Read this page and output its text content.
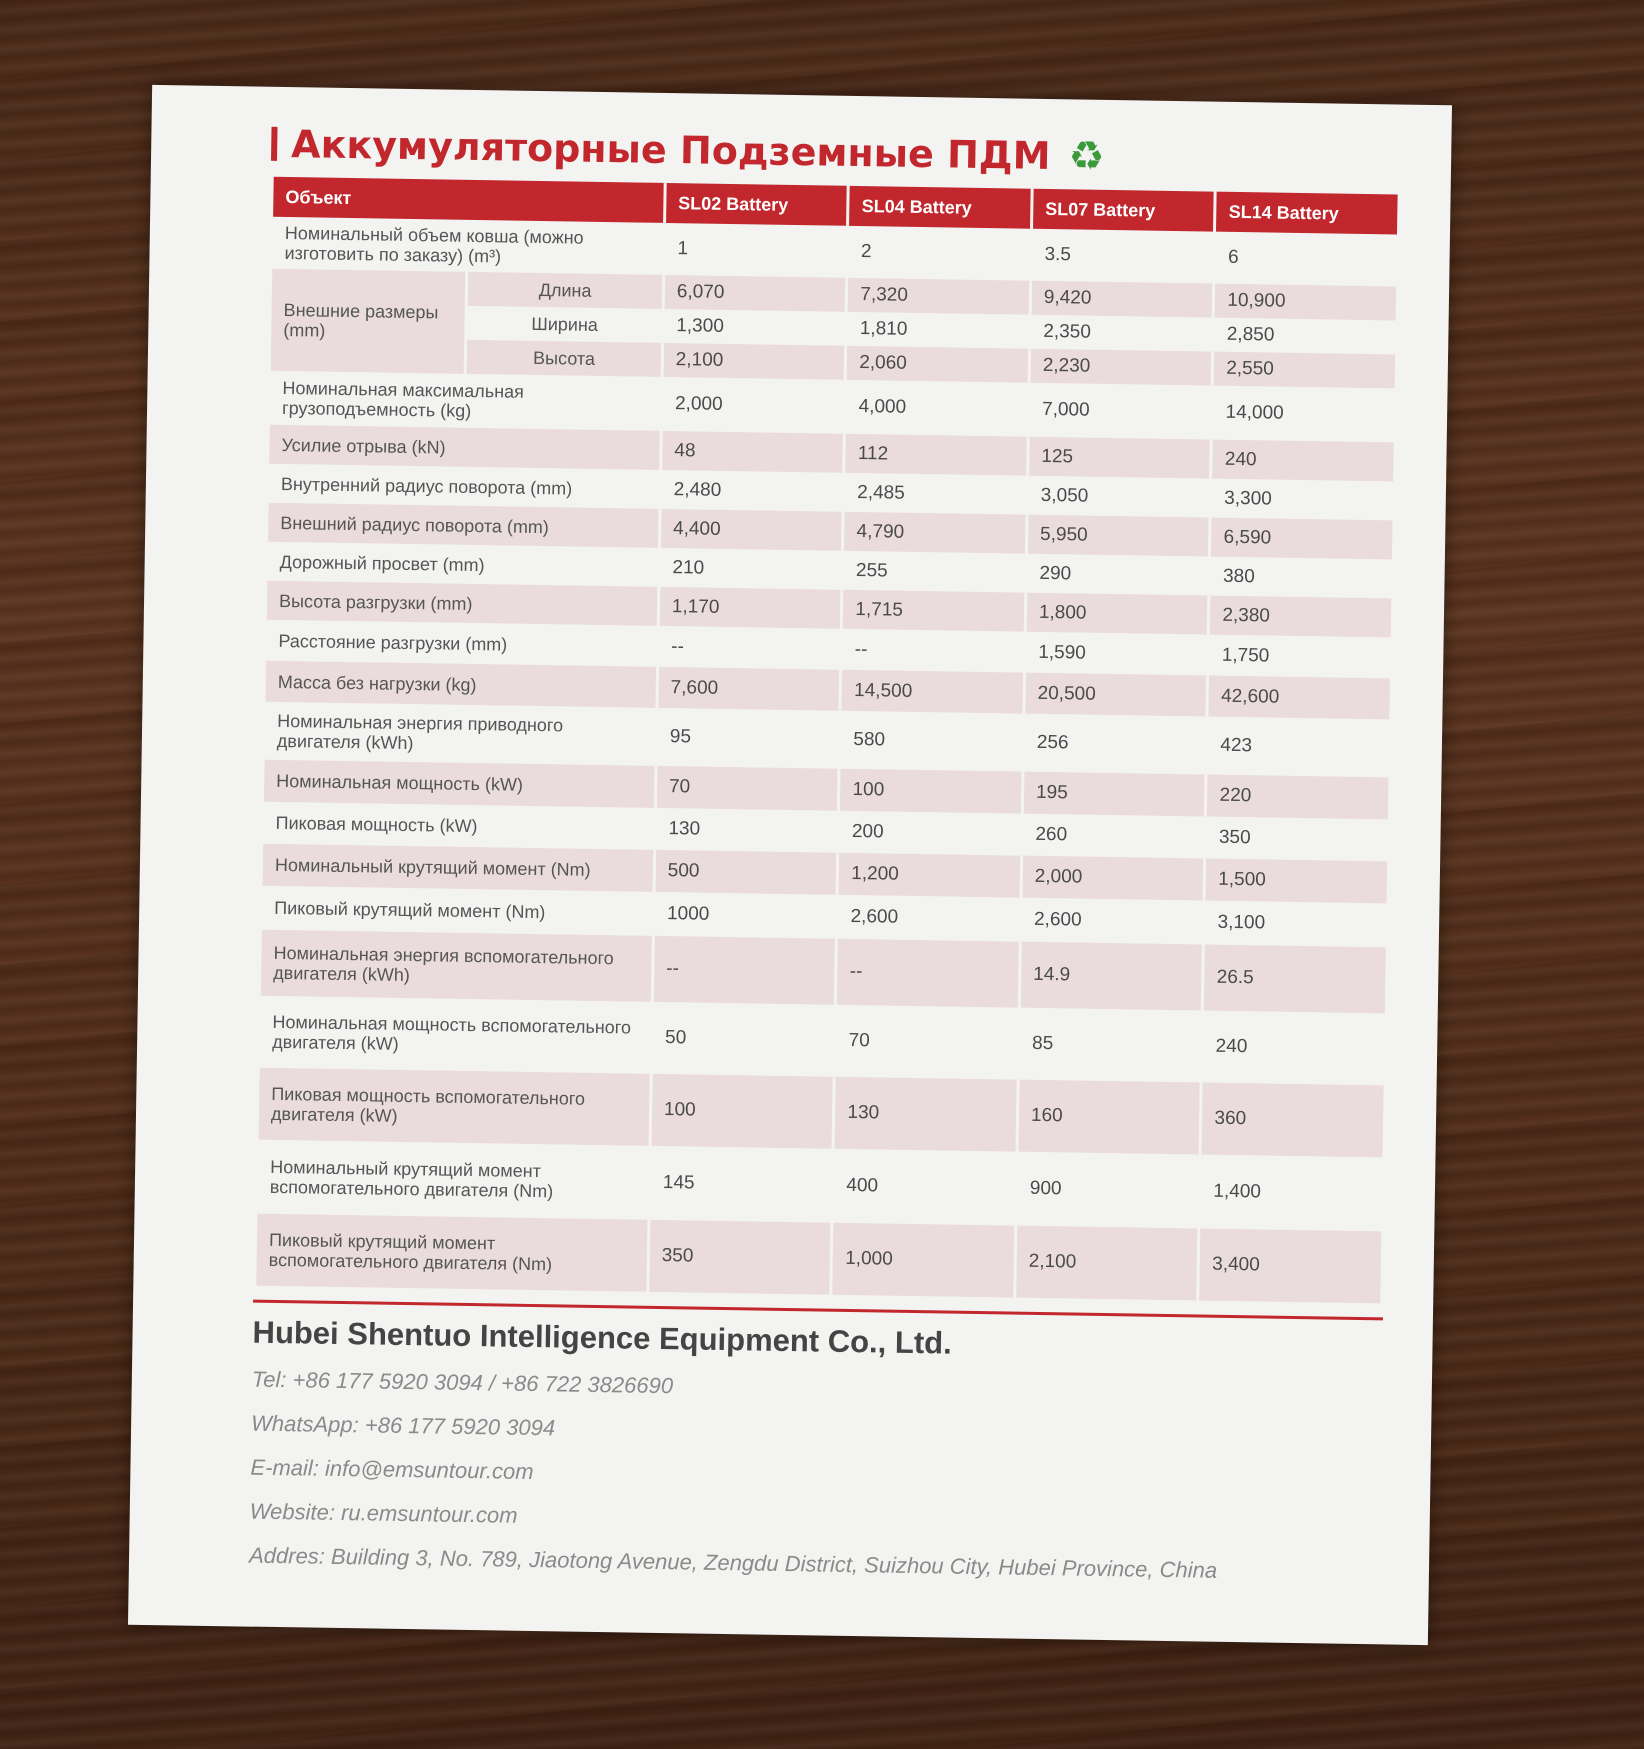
Аккумуляторные Подземные ПДМ ♻
Объект		SL02 Battery	SL04 Battery	SL07 Battery	SL14 Battery
Номинальный объем ковша (можно изготовить по заказу) (m³)		1	2	3.5	6
Внешние размеры (mm)	Длина	6,070	7,320	9,420	10,900
	Ширина	1,300	1,810	2,350	2,850
	Высота	2,100	2,060	2,230	2,550
Номинальная максимальная грузоподъемность (kg)		2,000	4,000	7,000	14,000
Усилие отрыва (kN)		48	112	125	240
Внутренний радиус поворота (mm)		2,480	2,485	3,050	3,300
Внешний радиус поворота (mm)		4,400	4,790	5,950	6,590
Дорожный просвет (mm)		210	255	290	380
Высота разгрузки (mm)		1,170	1,715	1,800	2,380
Расстояние разгрузки (mm)		--	--	1,590	1,750
Масса без нагрузки (kg)		7,600	14,500	20,500	42,600
Номинальная энергия приводного двигателя (kWh)		95	580	256	423
Номинальная мощность (kW)		70	100	195	220
Пиковая мощность (kW)		130	200	260	350
Номинальный крутящий момент (Nm)		500	1,200	2,000	1,500
Пиковый крутящий момент (Nm)		1000	2,600	2,600	3,100
Номинальная энергия вспомогательного двигателя (kWh)		--	--	14.9	26.5
Номинальная мощность вспомогательного двигателя (kW)		50	70	85	240
Пиковая мощность вспомогательного двигателя (kW)		100	130	160	360
Номинальный крутящий момент вспомогательного двигателя (Nm)		145	400	900	1,400
Пиковый крутящий момент вспомогательного двигателя (Nm)		350	1,000	2,100	3,400
Hubei Shentuo Intelligence Equipment Co., Ltd.
Tel: +86 177 5920 3094 / +86 722 3826690
WhatsApp: +86 177 5920 3094
E-mail: info@emsuntour.com
Website: ru.emsuntour.com
Addres: Building 3, No. 789, Jiaotong Avenue, Zengdu District, Suizhou City, Hubei Province, China
